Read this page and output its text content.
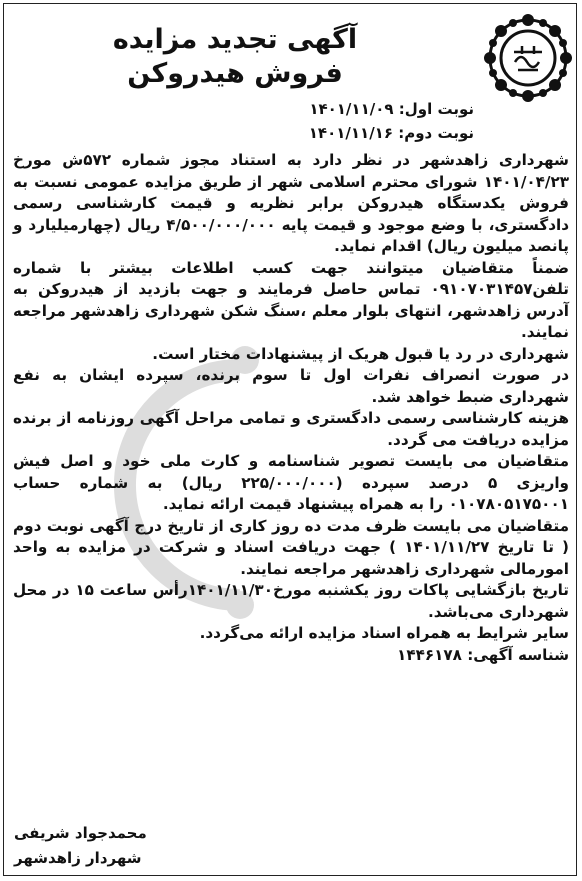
آگهی تجدید مزایده
فروش هیدروکن
نوبت اول: ۱۴۰۱/۱۱/۰۹
نوبت دوم: ۱۴۰۱/۱۱/۱۶

شهرداری زاهدشهر در نظر دارد به استناد مجوز شماره ۵۷۲ش مورخ ۱۴۰۱/۰۴/۲۳ شورای محترم اسلامی شهر از طریق مزایده عمومی نسبت به فروش یکدستگاه هیدروکن برابر نظریه و قیمت کارشناسی رسمی دادگستری، با وضع موجود و قیمت پایه ۴/۵۰۰/۰۰۰/۰۰۰ ریال (چهارمیلیارد و پانصد میلیون ریال) اقدام نماید.

ضمناً متقاضیان میتوانند جهت کسب اطلاعات بیشتر با شماره تلفن۰۹۱۰۷۰۳۱۴۵۷ تماس حاصل فرمایند و جهت بازدید از هیدروکن به آدرس زاهدشهر، انتهای بلوار معلم ،سنگ شکن شهرداری زاهدشهر مراجعه نمایند.

شهرداری در رد یا قبول هریک از پیشنهادات مختار است.

در صورت انصراف نفرات اول تا سوم برنده، سپرده ایشان به نفع شهرداری ضبط خواهد شد.

هزینه کارشناسی رسمی دادگستری و تمامی مراحل آگهی روزنامه از برنده مزایده دریافت می گردد.

متقاضیان می بایست تصویر شناسنامه و کارت ملی خود و اصل فیش واریزی ۵ درصد سپرده (۲۲۵/۰۰۰/۰۰۰ ریال) به شماره حساب ۰۱۰۷۸۰۵۱۷۵۰۰۱ را به همراه پیشنهاد قیمت ارائه نماید.

متقاضیان می بایست ظرف مدت ده روز کاری از تاریخ درج آگهی نوبت دوم ( تا تاریخ ۱۴۰۱/۱۱/۲۷ ) جهت دریافت اسناد و شرکت در مزایده به واحد امورمالی شهرداری زاهدشهر مراجعه نمایند.

تاریخ بازگشایی پاکات روز یکشنبه مورخ۱۴۰۱/۱۱/۳۰رأس ساعت ۱۵ در محل شهرداری می‌باشد.

سایر شرایط به همراه اسناد مزایده ارائه می‌گردد.

شناسه آگهی: ۱۴۴۶۱۷۸

محمدجواد شریفی
شهردار زاهدشهر
